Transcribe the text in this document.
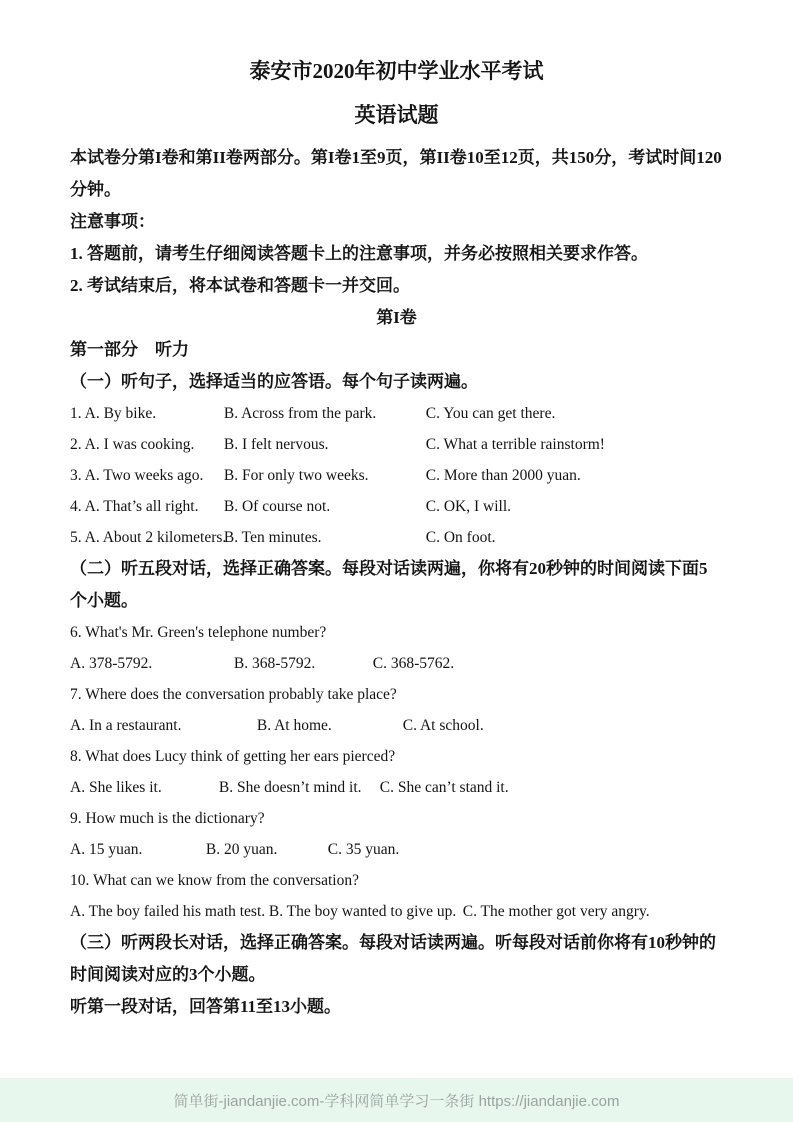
泰安市2020年初中学业水平考试
英语试题

本试卷分第I卷和第II卷两部分。第I卷1至9页，第II卷10至12页，共150分，考试时间120分钟。

注意事项：

1. 答题前，请考生仔细阅读答题卡上的注意事项，并务必按照相关要求作答。

2. 考试结束后，将本试卷和答题卡一并交回。

第I卷

第一部分　听力

（一）听句子，选择适当的应答语。每个句子读两遍。

1. A. By bike.	B. Across from the park.	C. You can get there.
2. A. I was cooking. B. I felt nervous.	C. What a terrible rainstorm!
3. A. Two weeks ago. B. For only two weeks.	C. More than 2000 yuan.
4. A. That’s all right. B. Of course not.	C. OK, I will.
5. A. About 2 kilometers. B. Ten minutes.	C. On foot.

（二）听五段对话，选择正确答案。每段对话读两遍，你将有20秒钟的时间阅读下面5个小题。

6. What's Mr. Green's telephone number?

A. 378-5792.	B. 368-5792.	C. 368-5762.

7. Where does the conversation probably take place?

A. In a restaurant.	B. At home.	C. At school.

8. What does Lucy think of getting her ears pierced?

A. She likes it.	B. She doesn’t mind it. C. She can’t stand it.

9. How much is the dictionary?

A. 15 yuan.	B. 20 yuan.	C. 35 yuan.

10. What can we know from the conversation?

A. The boy failed his math test. B. The boy wanted to give up. C. The mother got very angry.

（三）听两段长对话，选择正确答案。每段对话读两遍。听每段对话前你将有10秒钟的时间阅读对应的3个小题。

听第一段对话，回答第11至13小题。

简单街-jiandanjie.com-学科网简单学习一条街 https://jiandanjie.com
